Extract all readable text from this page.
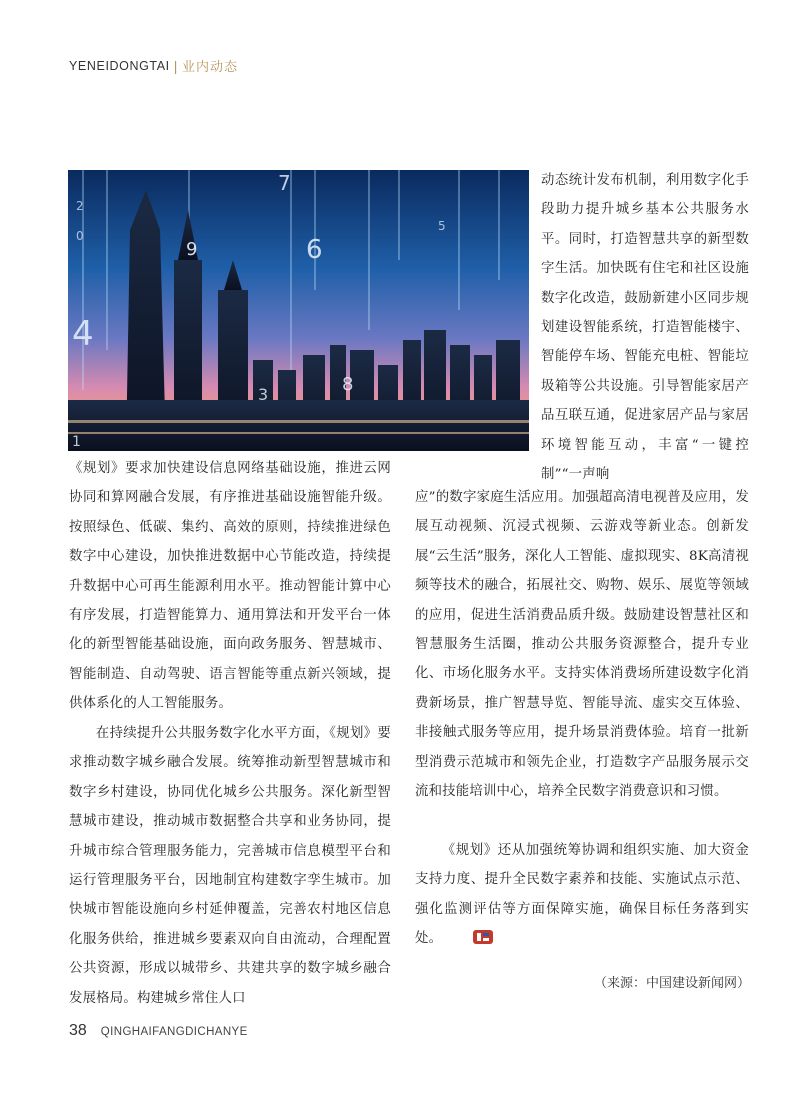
YENEIDONGTAI | 业内动态
4
9	6
8
3
2
0
1
5
7	动态统计发布机制，利用数字化手段助力提升城乡基本公共服务水平。同时，打造智慧共享的新型数字生活。加快既有住宅和社区设施数字化改造，鼓励新建小区同步规划建设智能系统，打造智能楼宇、智能停车场、智能充电桩、智能垃圾箱等公共设施。引导智能家居产品互联互通，促进家居产品与家居环境智能互动，丰富“一键控制”“一声响

《规划》要求加快建设信息网络基础设施，推进云网协同和算网融合发展，有序推进基础设施智能升级。按照绿色、低碳、集约、高效的原则，持续推进绿色数字中心建设，加快推进数据中心节能改造，持续提升数据中心可再生能源利用水平。推动智能计算中心有序发展，打造智能算力、通用算法和开发平台一体化的新型智能基础设施，面向政务服务、智慧城市、智能制造、自动驾驶、语言智能等重点新兴领域，提供体系化的人工智能服务。

在持续提升公共服务数字化水平方面，《规划》要求推动数字城乡融合发展。统筹推动新型智慧城市和数字乡村建设，协同优化城乡公共服务。深化新型智慧城市建设，推动城市数据整合共享和业务协同，提升城市综合管理服务能力，完善城市信息模型平台和运行管理服务平台，因地制宜构建数字孪生城市。加快城市智能设施向乡村延伸覆盖，完善农村地区信息化服务供给，推进城乡要素双向自由流动，合理配置公共资源，形成以城带乡、共建共享的数字城乡融合发展格局。构建城乡常住人口

应”的数字家庭生活应用。加强超高清电视普及应用，发展互动视频、沉浸式视频、云游戏等新业态。创新发展“云生活”服务，深化人工智能、虚拟现实、8K高清视频等技术的融合，拓展社交、购物、娱乐、展览等领域的应用，促进生活消费品质升级。鼓励建设智慧社区和智慧服务生活圈，推动公共服务资源整合，提升专业化、市场化服务水平。支持实体消费场所建设数字化消费新场景，推广智慧导览、智能导流、虚实交互体验、非接触式服务等应用，提升场景消费体验。培育一批新型消费示范城市和领先企业，打造数字产品服务展示交流和技能培训中心，培养全民数字消费意识和习惯。

《规划》还从加强统筹协调和组织实施、加大资金支持力度、提升全民数字素养和技能、实施试点示范、强化监测评估等方面保障实施，确保目标任务落到实处。

（来源：中国建设新闻网）
38 QINGHAIFANGDICHANYE
